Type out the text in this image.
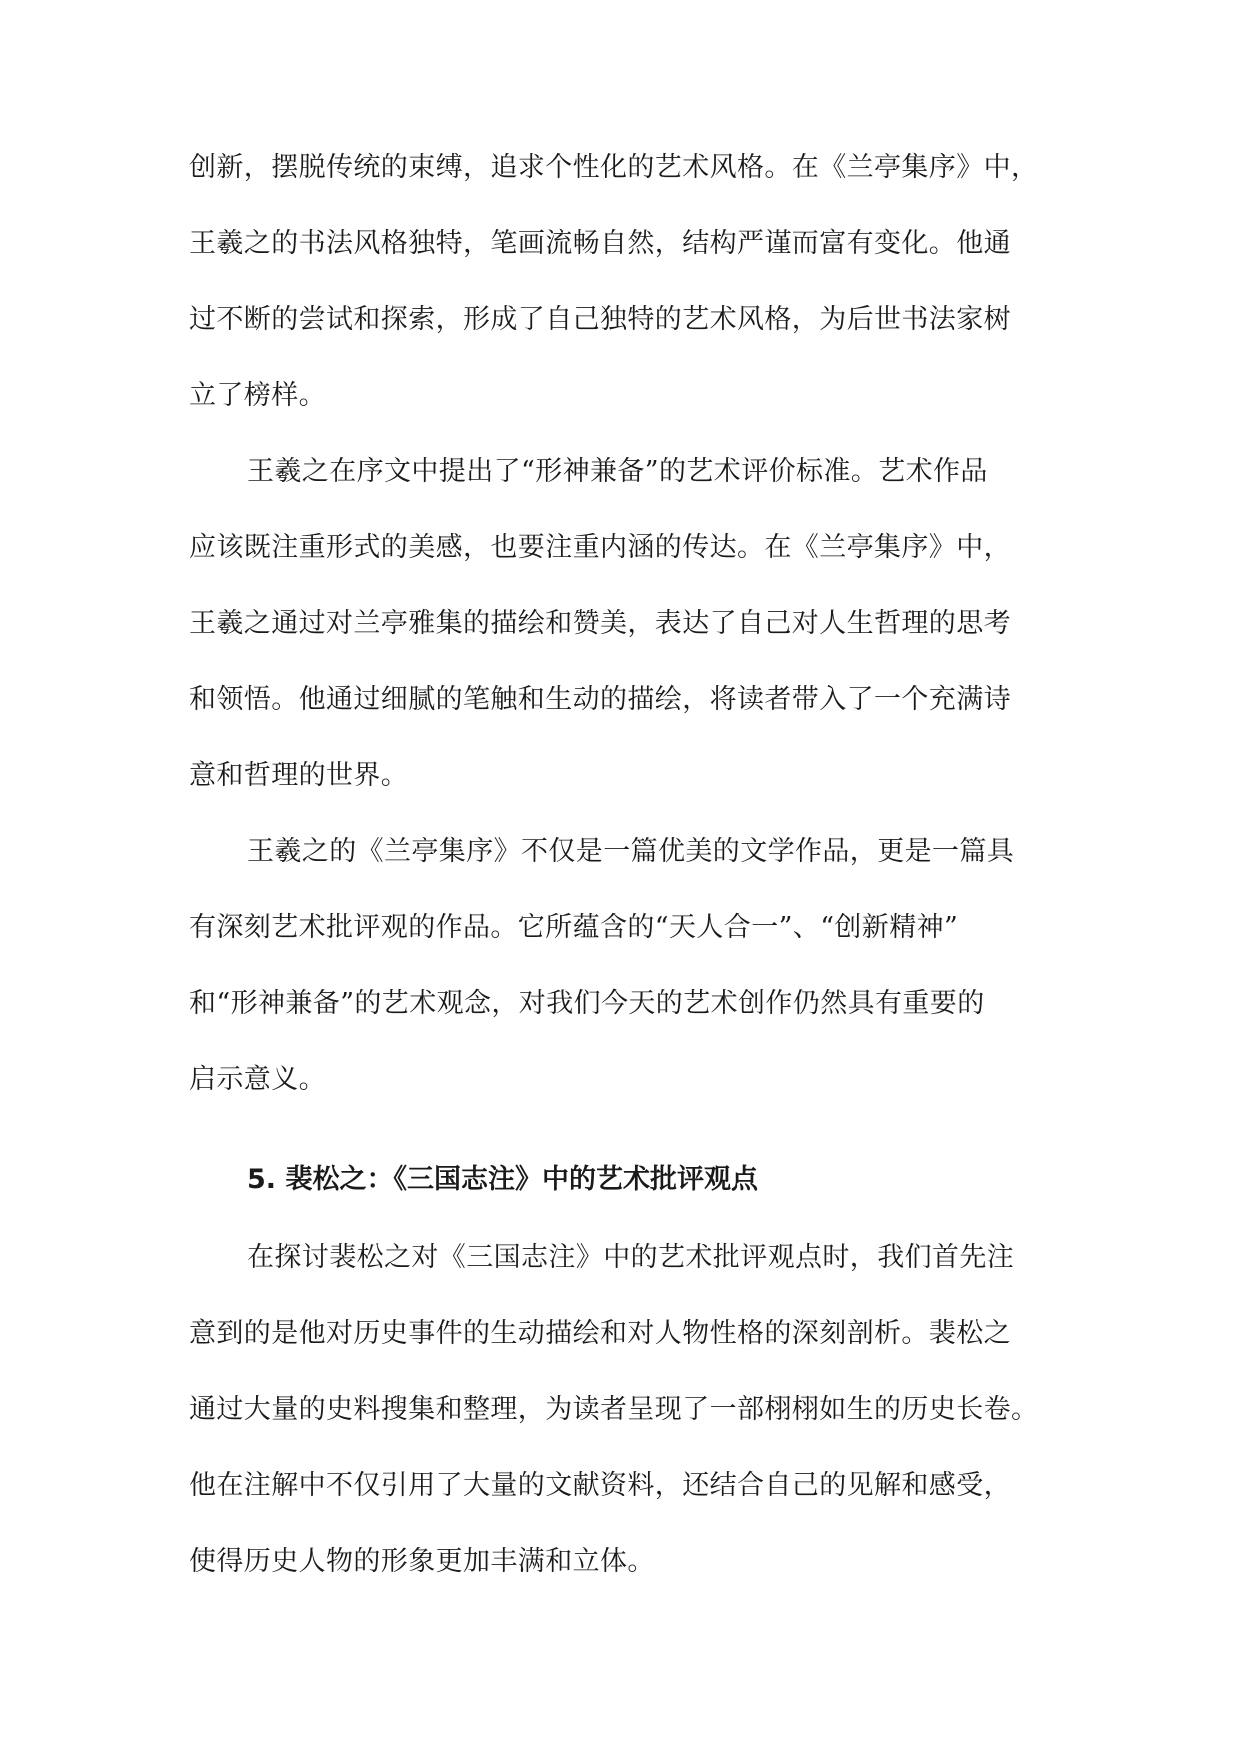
创新，摆脱传统的束缚，追求个性化的艺术风格。在《兰亭集序》中，
王羲之的书法风格独特，笔画流畅自然，结构严谨而富有变化。他通
过不断的尝试和探索，形成了自己独特的艺术风格，为后世书法家树
立了榜样。
王羲之在序文中提出了“形神兼备”的艺术评价标准。艺术作品
应该既注重形式的美感，也要注重内涵的传达。在《兰亭集序》中，
王羲之通过对兰亭雅集的描绘和赞美，表达了自己对人生哲理的思考
和领悟。他通过细腻的笔触和生动的描绘，将读者带入了一个充满诗
意和哲理的世界。
王羲之的《兰亭集序》不仅是一篇优美的文学作品，更是一篇具
有深刻艺术批评观的作品。它所蕴含的“天人合一”、“创新精神”
和“形神兼备”的艺术观念，对我们今天的艺术创作仍然具有重要的
启示意义。
5. 裴松之：《三国志注》中的艺术批评观点
在探讨裴松之对《三国志注》中的艺术批评观点时，我们首先注
意到的是他对历史事件的生动描绘和对人物性格的深刻剖析。裴松之
通过大量的史料搜集和整理，为读者呈现了一部栩栩如生的历史长卷。
他在注解中不仅引用了大量的文献资料，还结合自己的见解和感受，
使得历史人物的形象更加丰满和立体。
